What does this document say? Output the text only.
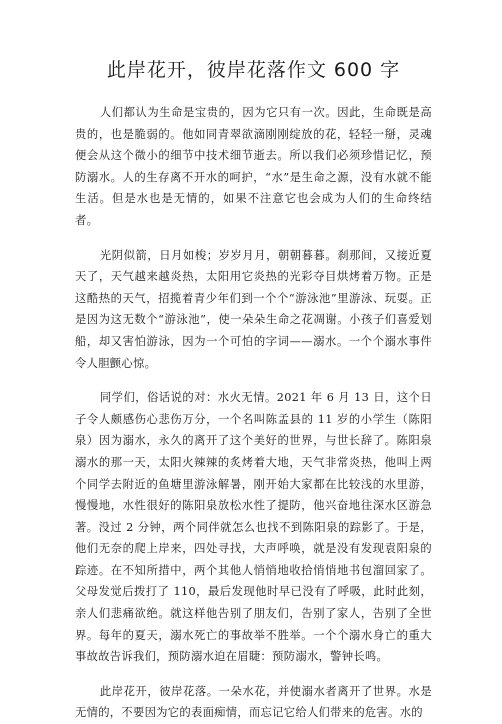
此岸花开，彼岸花落作文 600 字

人们都认为生命是宝贵的，因为它只有一次。因此，生命既是高贵的，也是脆弱的。他如同青翠欲滴刚刚绽放的花，轻轻一掰，灵魂便会从这个微小的细节中技术细节逝去。所以我们必须珍惜记忆，预防溺水。人的生存离不开水的呵护，“水”是生命之源，没有水就不能生活。但是水也是无情的，如果不注意它也会成为人们的生命终结者。

光阴似箭，日月如梭；岁岁月月，朝朝暮暮。刹那间，又接近夏天了，天气越来越炎热，太阳用它炎热的光彩夺目烘烤着万物。正是这酷热的天气，招揽着青少年们到一个个“游泳池”里游泳、玩耍。正是因为这无数个“游泳池”，使一朵朵生命之花凋谢。小孩子们喜爱划船，却又害怕游泳，因为一个可怕的字词——溺水。一个个溺水事件令人胆颤心惊。

同学们，俗话说的对：水火无情。2021 年 6 月 13 日，这个日子令人颇感伤心悲伤万分，一个名叫陈孟县的 11 岁的小学生（陈阳泉）因为溺水，永久的离开了这个美好的世界，与世长辞了。陈阳泉溺水的那一天，太阳火辣辣的炙烤着大地，天气非常炎热，他叫上两个同学去附近的鱼塘里游泳解暑，刚开始大家都在比较浅的水里游，慢慢地，水性很好的陈阳泉放松水性了提防，他兴奋地往深水区游急著。没过 2 分钟，两个同伴就怎么也找不到陈阳泉的踪影了。于是，他们无奈的爬上岸来，四处寻找，大声呼唤，就是没有发现袁阳泉的踪迹。在不知所措中，两个其他人悄悄地收拾悄悄地书包溜回家了。父母发觉后拨打了 110，最后发现他时早已没有了呼吸，此时此刻，亲人们悲痛欲绝。就这样他告别了朋友们，告别了家人，告别了全世界。每年的夏天，溺水死亡的事故举不胜举。一个个溺水身亡的重大事故故告诉我们，预防溺水迫在眉睫：预防溺水，警钟长鸣。

此岸花开，彼岸花落。一朵水花，并使溺水者离开了世界。水是无情的，不要因为它的表面痴情，而忘记它给人们带来的危害。水的
